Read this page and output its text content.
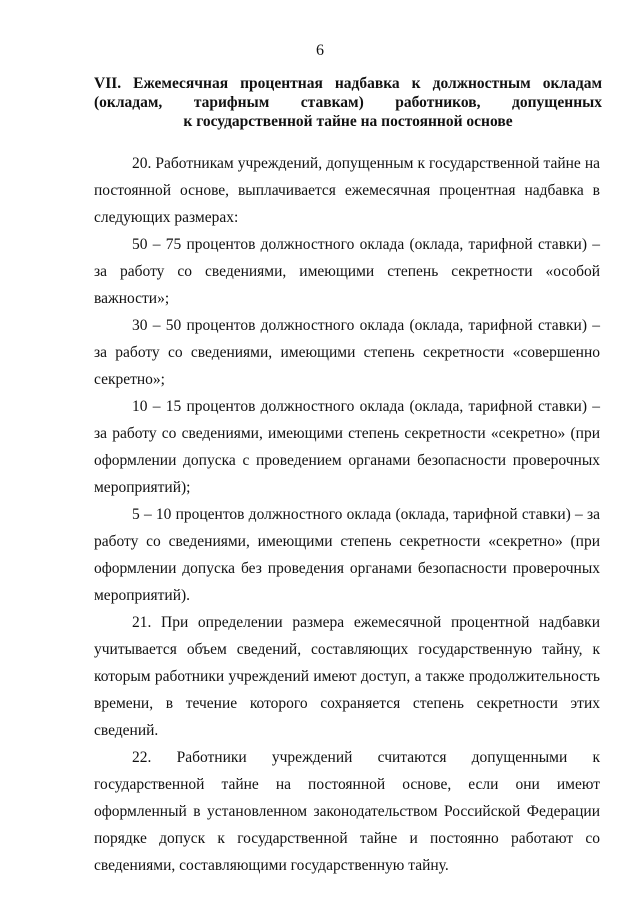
6
VII. Ежемесячная процентная надбавка к должностным окладам
(окладам, тарифным ставкам) работников, допущенных
к государственной тайне на постоянной основе

20. Работникам учреждений, допущенным к государственной тайне на постоянной основе, выплачивается ежемесячная процентная надбавка в следующих размерах:

50 – 75 процентов должностного оклада (оклада, тарифной ставки) – за работу со сведениями, имеющими степень секретности «особой важности»;

30 – 50 процентов должностного оклада (оклада, тарифной ставки) – за работу со сведениями, имеющими степень секретности «совершенно секретно»;

10 – 15 процентов должностного оклада (оклада, тарифной ставки) – за работу со сведениями, имеющими степень секретности «секретно» (при оформлении допуска с проведением органами безопасности проверочных мероприятий);

5 – 10 процентов должностного оклада (оклада, тарифной ставки) – за работу со сведениями, имеющими степень секретности «секретно» (при оформлении допуска без проведения органами безопасности проверочных мероприятий).

21. При определении размера ежемесячной процентной надбавки учитывается объем сведений, составляющих государственную тайну, к которым работники учреждений имеют доступ, а также продолжительность времени, в течение которого сохраняется степень секретности этих сведений.

22. Работники учреждений считаются допущенными к государственной тайне на постоянной основе, если они имеют оформленный в установленном законодательством Российской Федерации порядке допуск к государственной тайне и постоянно работают со сведениями, составляющими государственную тайну.
